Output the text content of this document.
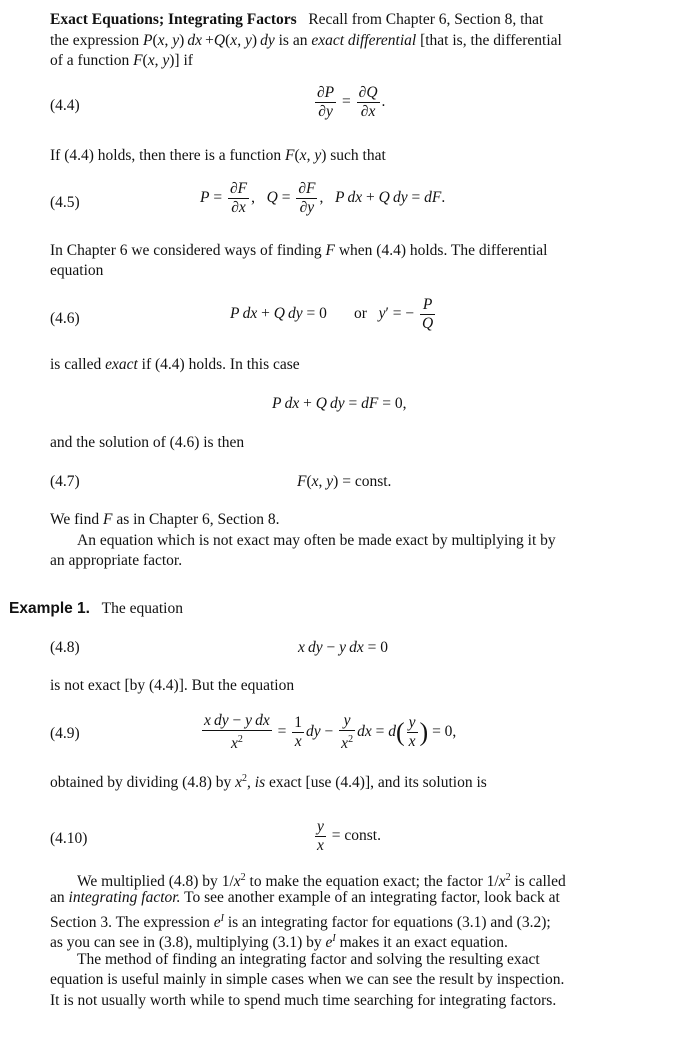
Exact Equations; Integrating Factors Recall from Chapter 6, Section 8, that
the expression P(x, y) dx +Q(x, y) dy is an exact differential [that is, the differential
of a function F(x, y)] if
(4.4)	$\frac{\partial P}{\partial y} = \frac{\partial Q}{\partial x}$ .
If (4.4) holds, then there is a function F(x, y) such that
(4.5)	$P = \frac{\partial F}{\partial x}$ ,   $Q = \frac{\partial F}{\partial y}$ ,   P  dx + Q  dy = dF.
In Chapter 6 we considered ways of finding F when (4.4) holds. The differential
equation
(4.6)	P  dx + Q  dy = 0       or y′ = − $\frac{P}{Q}$
is called exact if (4.4) holds. In this case
P  dx + Q  dy = dF = 0,
and the solution of (4.6) is then
(4.7)	F(x, y) = const.
We find F as in Chapter 6, Section 8.
An equation which is not exact may often be made exact by multiplying it by
an appropriate factor.
Example 1. The equation
(4.8)	x  dy − y  dx = 0
is not exact [by (4.4)]. But the equation
(4.9)	$\frac{\text{x  dy − y  dx}}{x^2} = \frac{1}{x}$ dy − $\frac{y}{x^2}$ dx = $d( \frac{y}{x}$ ) = 0,
obtained by dividing (4.8) by $x^2$, is exact [use (4.4)], and its solution is
(4.10)	$\frac{y}{x}$ = const.
We multiplied (4.8) by $1/x^2$ to make the equation exact; the factor $1/x^2$ is called
an integrating factor. To see another example of an integrating factor, look back at
Section 3. The expression $e^I$ is an integrating factor for equations (3.1) and (3.2);
as you can see in (3.8), multiplying (3.1) by $e^I$ makes it an exact equation.
The method of finding an integrating factor and solving the resulting exact
equation is useful mainly in simple cases when we can see the result by inspection.
It is not usually worth while to spend much time searching for integrating factors.
